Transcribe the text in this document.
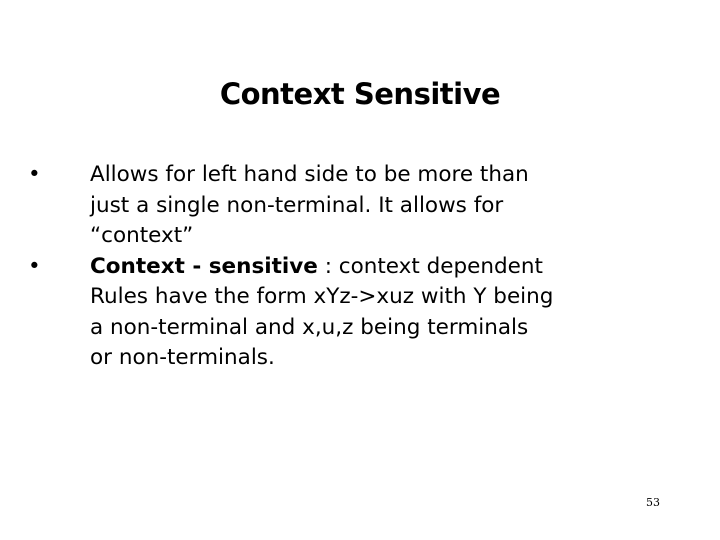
Context Sensitive
•	Allows for left hand side to be more than
just a single non-terminal. It allows for
“context”
•	Context - sensitive : context dependent
Rules have the form xYz->xuz with Y being
a non-terminal and x,u,z being terminals
or non-terminals.
53
